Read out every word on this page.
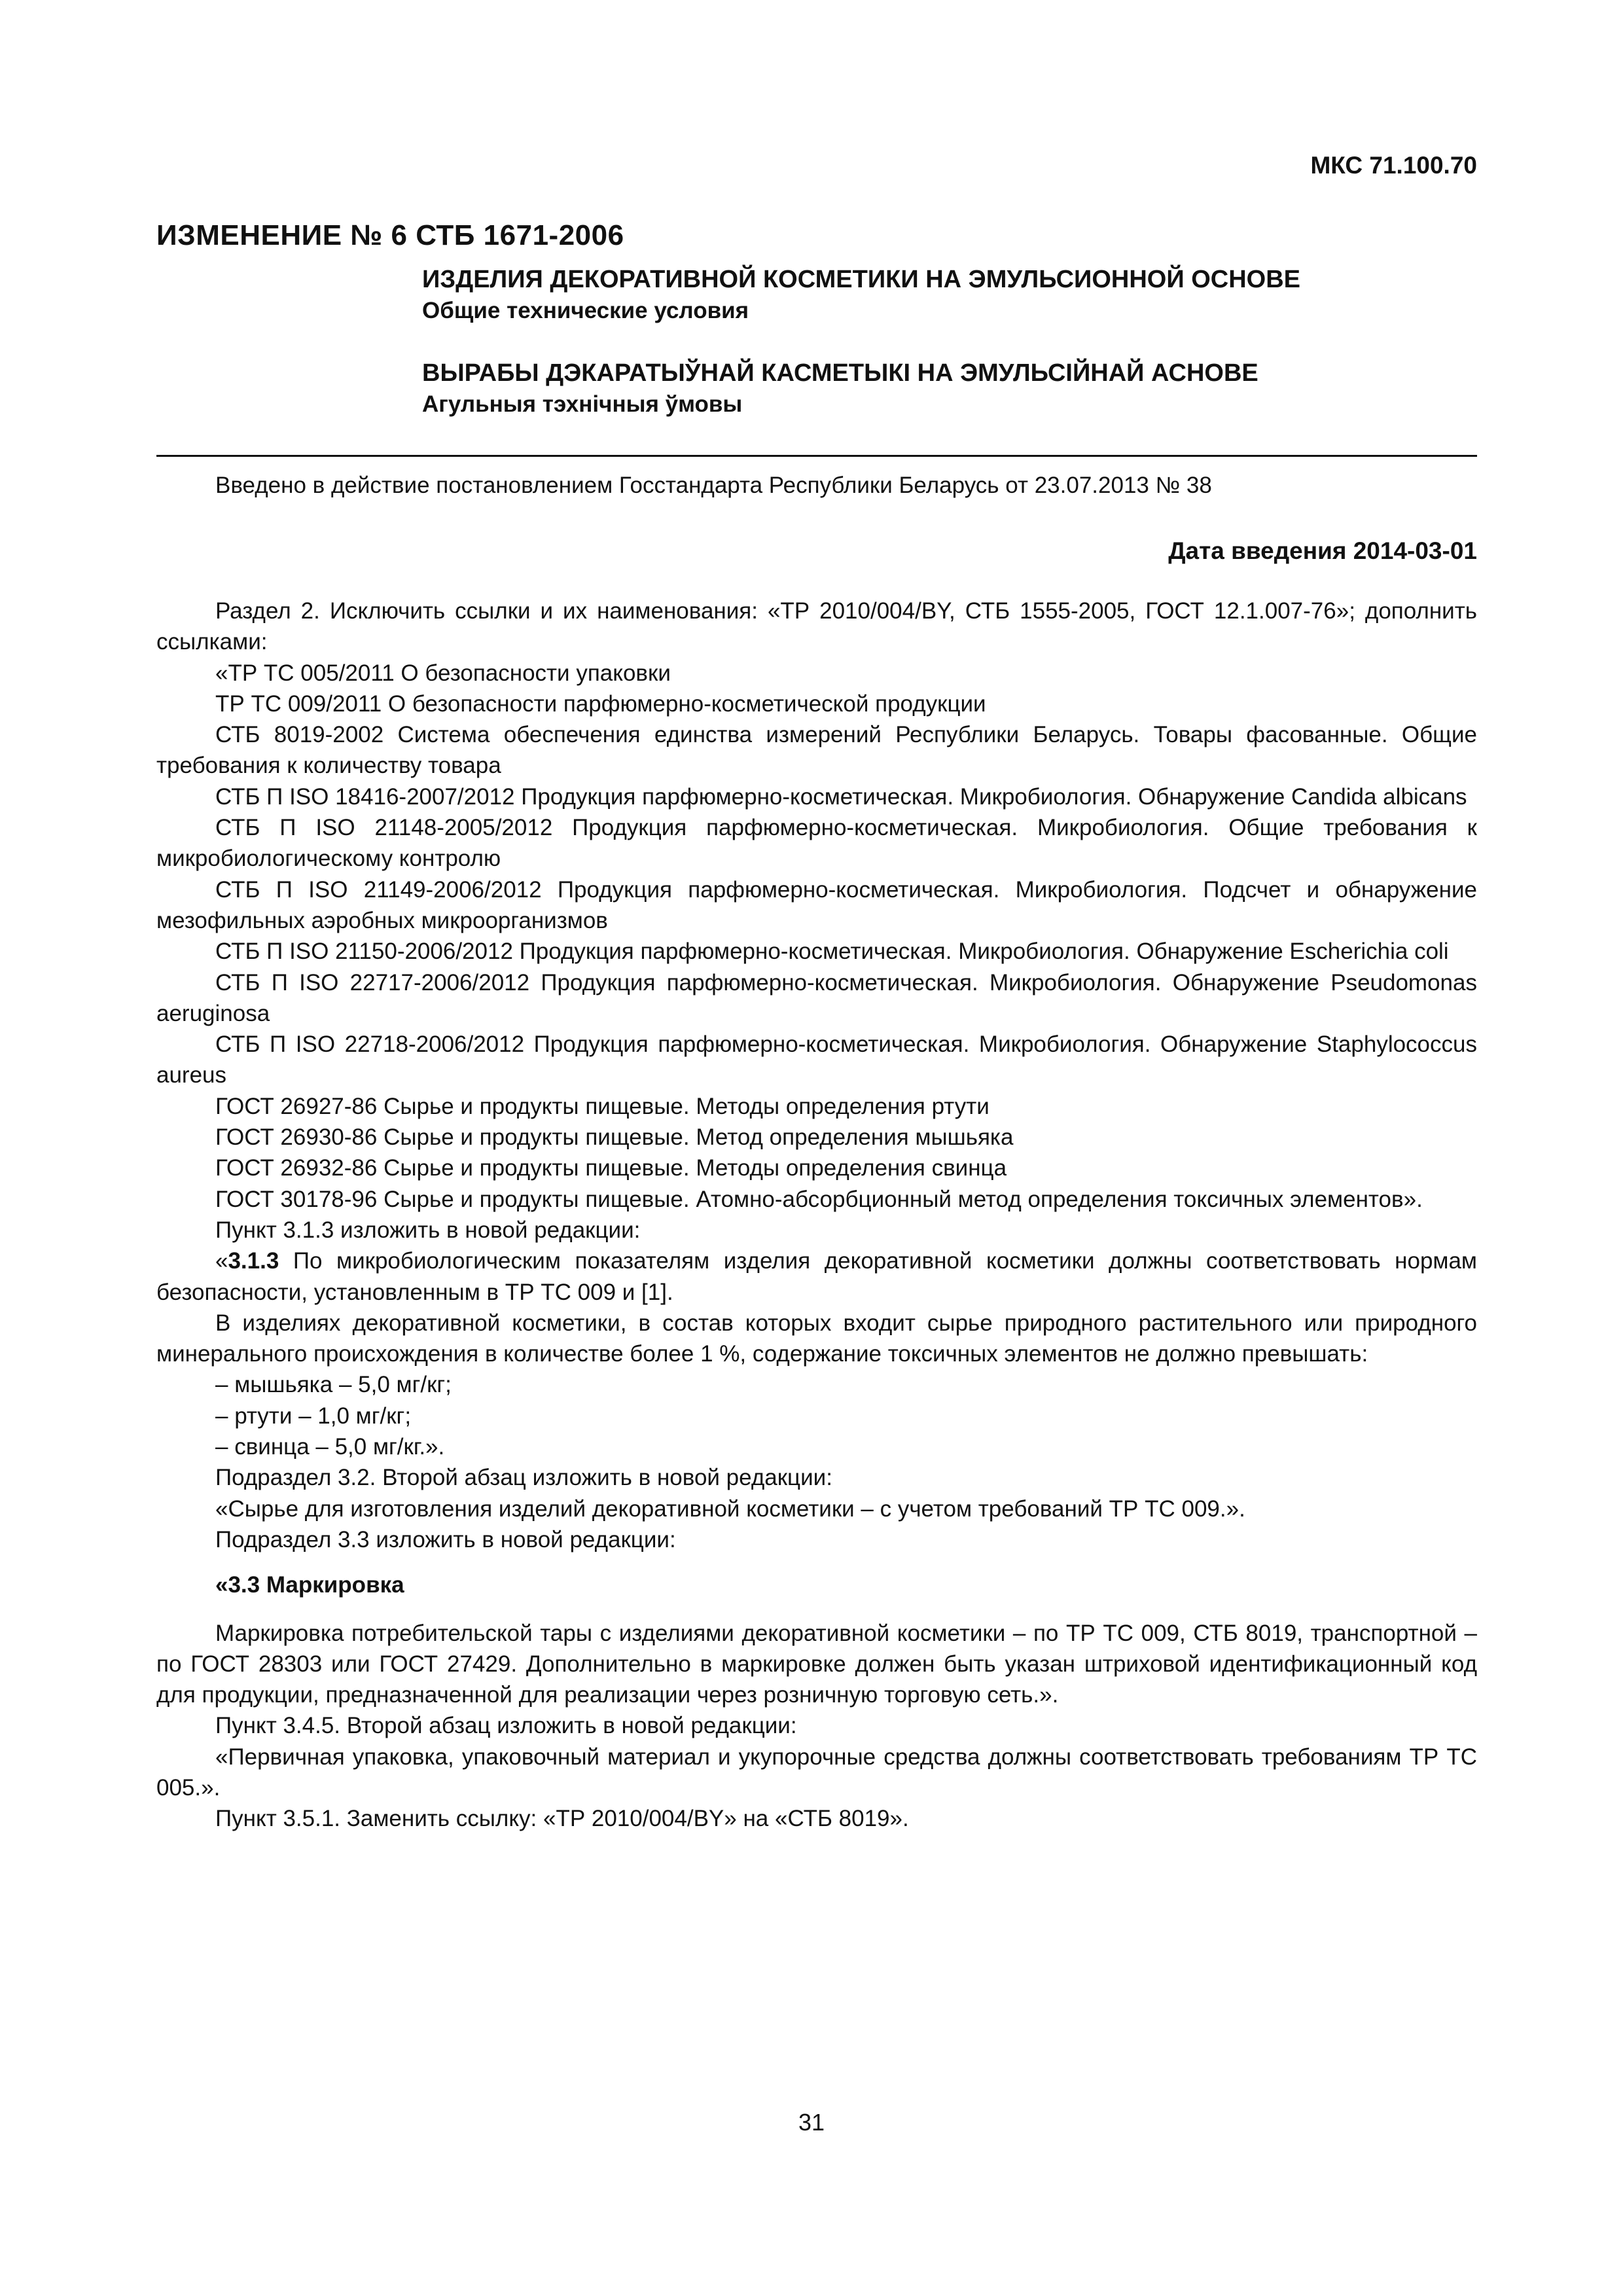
МКС 71.100.70
ИЗМЕНЕНИЕ № 6 СТБ 1671-2006
ИЗДЕЛИЯ ДЕКОРАТИВНОЙ КОСМЕТИКИ НА ЭМУЛЬСИОННОЙ ОСНОВЕ
Общие технические условия
ВЫРАБЫ ДЭКАРАТЫЎНАЙ КАСМЕТЫКІ НА ЭМУЛЬСІЙНАЙ АСНОВЕ
Агульныя тэхнічныя ўмовы
Введено в действие постановлением Госстандарта Республики Беларусь от 23.07.2013 № 38
Дата введения 2014-03-01

Раздел 2. Исключить ссылки и их наименования: «ТР 2010/004/BY, СТБ 1555-2005, ГОСТ 12.1.007-76»; дополнить ссылками:

«ТР ТС 005/2011 О безопасности упаковки

ТР ТС 009/2011 О безопасности парфюмерно-косметической продукции

СТБ 8019-2002 Система обеспечения единства измерений Республики Беларусь. Товары фасованные. Общие требования к количеству товара

СТБ П ISO 18416-2007/2012 Продукция парфюмерно-косметическая. Микробиология. Обнаружение Candida albicans

СТБ П ISO 21148-2005/2012 Продукция парфюмерно-косметическая. Микробиология. Общие требования к микробиологическому контролю

СТБ П ISO 21149-2006/2012 Продукция парфюмерно-косметическая. Микробиология. Подсчет и обнаружение мезофильных аэробных микроорганизмов

СТБ П ISO 21150-2006/2012 Продукция парфюмерно-косметическая. Микробиология. Обнаружение Escherichia coli

СТБ П ISO 22717-2006/2012 Продукция парфюмерно-косметическая. Микробиология. Обнаружение Pseudomonas aeruginosa

СТБ П ISO 22718-2006/2012 Продукция парфюмерно-косметическая. Микробиология. Обнаружение Staphylococcus aureus

ГОСТ 26927-86 Сырье и продукты пищевые. Методы определения ртути

ГОСТ 26930-86 Сырье и продукты пищевые. Метод определения мышьяка

ГОСТ 26932-86 Сырье и продукты пищевые. Методы определения свинца

ГОСТ 30178-96 Сырье и продукты пищевые. Атомно-абсорбционный метод определения токсичных элементов».

Пункт 3.1.3 изложить в новой редакции:

«3.1.3 По микробиологическим показателям изделия декоративной косметики должны соответствовать нормам безопасности, установленным в ТР ТС 009 и [1].

В изделиях декоративной косметики, в состав которых входит сырье природного растительного или природного минерального происхождения в количестве более 1 %, содержание токсичных элементов не должно превышать:

– мышьяка – 5,0 мг/кг;

– ртути – 1,0 мг/кг;

– свинца – 5,0 мг/кг.».

Подраздел 3.2. Второй абзац изложить в новой редакции:

«Сырье для изготовления изделий декоративной косметики – с учетом требований ТР ТС 009.».

Подраздел 3.3 изложить в новой редакции:

«3.3 Маркировка

Маркировка потребительской тары с изделиями декоративной косметики – по ТР ТС 009, СТБ 8019, транспортной – по ГОСТ 28303 или ГОСТ 27429. Дополнительно в маркировке должен быть указан штриховой идентификационный код для продукции, предназначенной для реализации через розничную торговую сеть.».

Пункт 3.4.5. Второй абзац изложить в новой редакции:

«Первичная упаковка, упаковочный материал и укупорочные средства должны соответствовать требованиям ТР ТС 005.».

Пункт 3.5.1. Заменить ссылку: «ТР 2010/004/BY» на «СТБ 8019».

31
